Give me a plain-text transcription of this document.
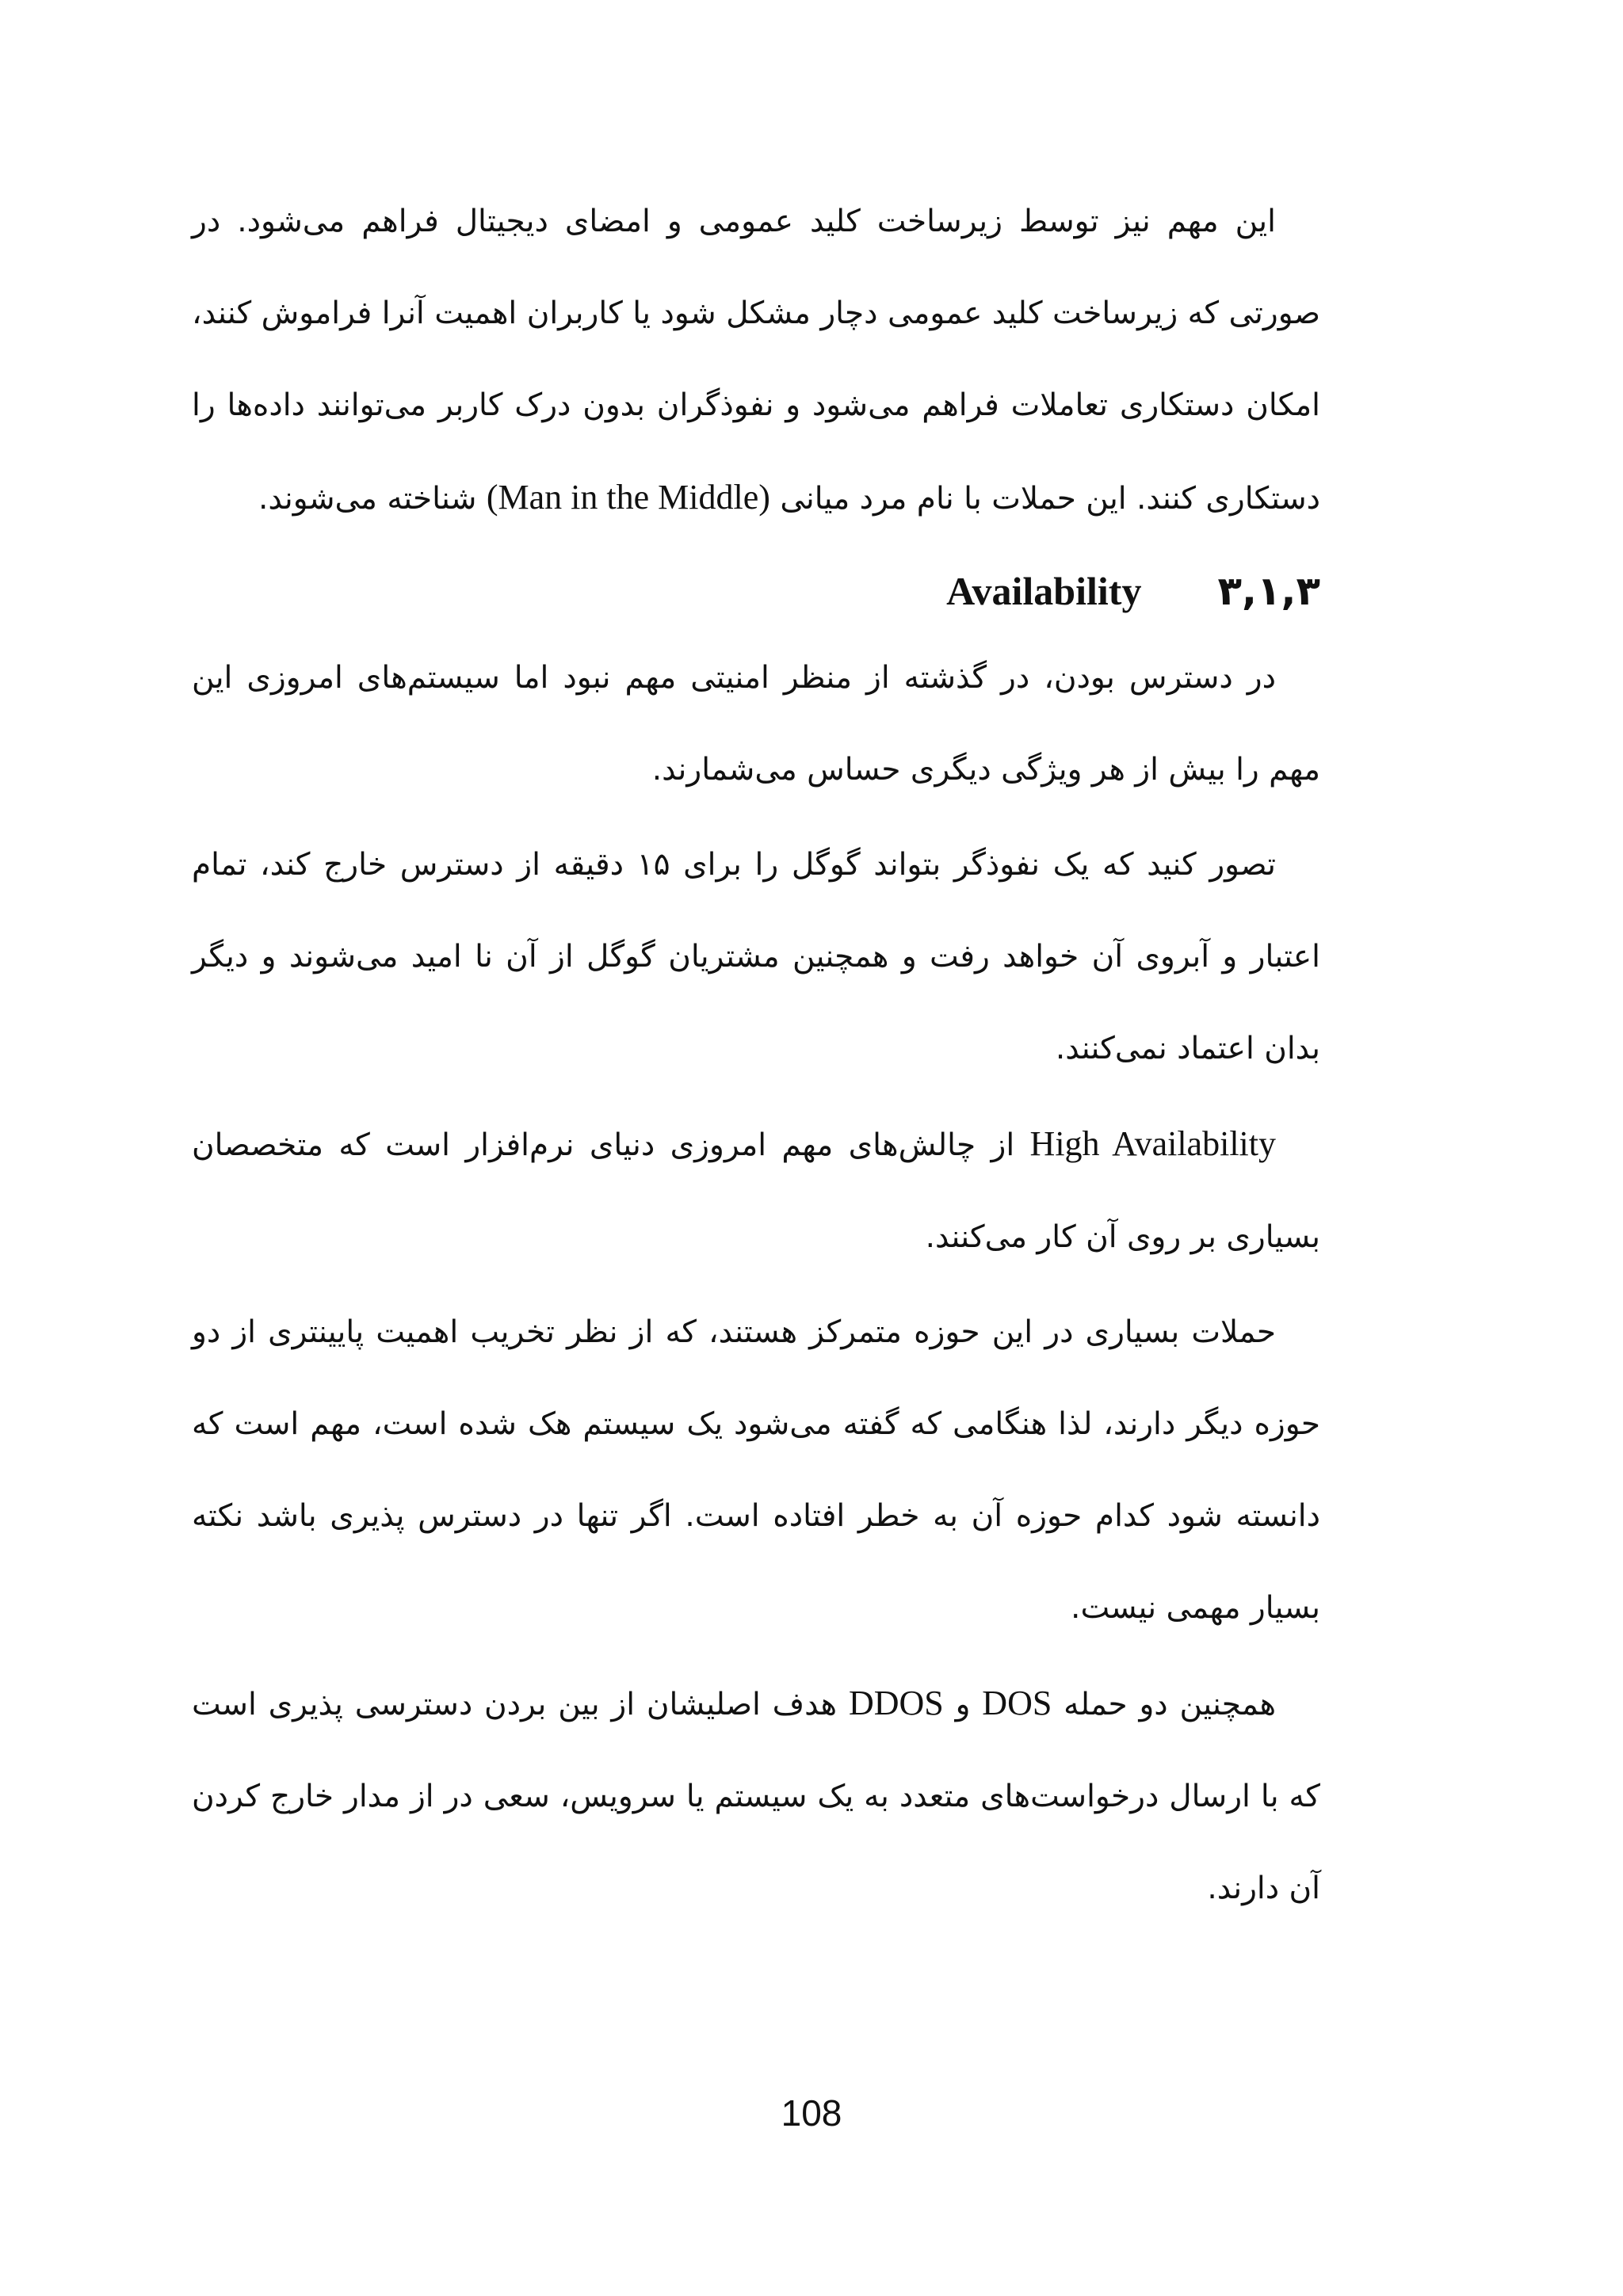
این مهم نیز توسط زیرساخت کلید عمومی و امضای دیجیتال فراهم می‌شود. در صورتی که زیرساخت کلید عمومی دچار مشکل شود یا کاربران اهمیت آنرا فراموش کنند، امکان دستکاری تعاملات فراهم می‌شود و نفوذگران بدون درک کاربر می‌توانند داده‌ها را دستکاری کنند. این حملات با نام مرد میانی (Man in the Middle) شناخته می‌شوند.

۳,۱,۳
Availability

در دسترس بودن، در گذشته از منظر امنیتی مهم نبود اما سیستم‌های امروزی این مهم را بیش از هر ویژگی دیگری حساس می‌شمارند.

تصور کنید که یک نفوذگر بتواند گوگل را برای ۱۵ دقیقه از دسترس خارج کند، تمام اعتبار و آبروی آن خواهد رفت و همچنین مشتریان گوگل از آن نا امید می‌شوند و دیگر بدان اعتماد نمی‌کنند.

High Availability از چالش‌های مهم امروزی دنیای نرم‌افزار است که متخصصان بسیاری بر روی آن کار می‌کنند.

حملات بسیاری در این حوزه متمرکز هستند، که از نظر تخریب اهمیت پایینتری از دو حوزه دیگر دارند، لذا هنگامی که گفته می‌شود یک سیستم هک شده است، مهم است که دانسته شود کدام حوزه آن به خطر افتاده است. اگر تنها در دسترس پذیری باشد نکته بسیار مهمی نیست.

همچنین دو حمله DOS و DDOS هدف اصلیشان از بین بردن دسترسی پذیری است که با ارسال درخواست‌های متعدد به یک سیستم یا سرویس، سعی در از مدار خارج کردن آن دارند.

108
